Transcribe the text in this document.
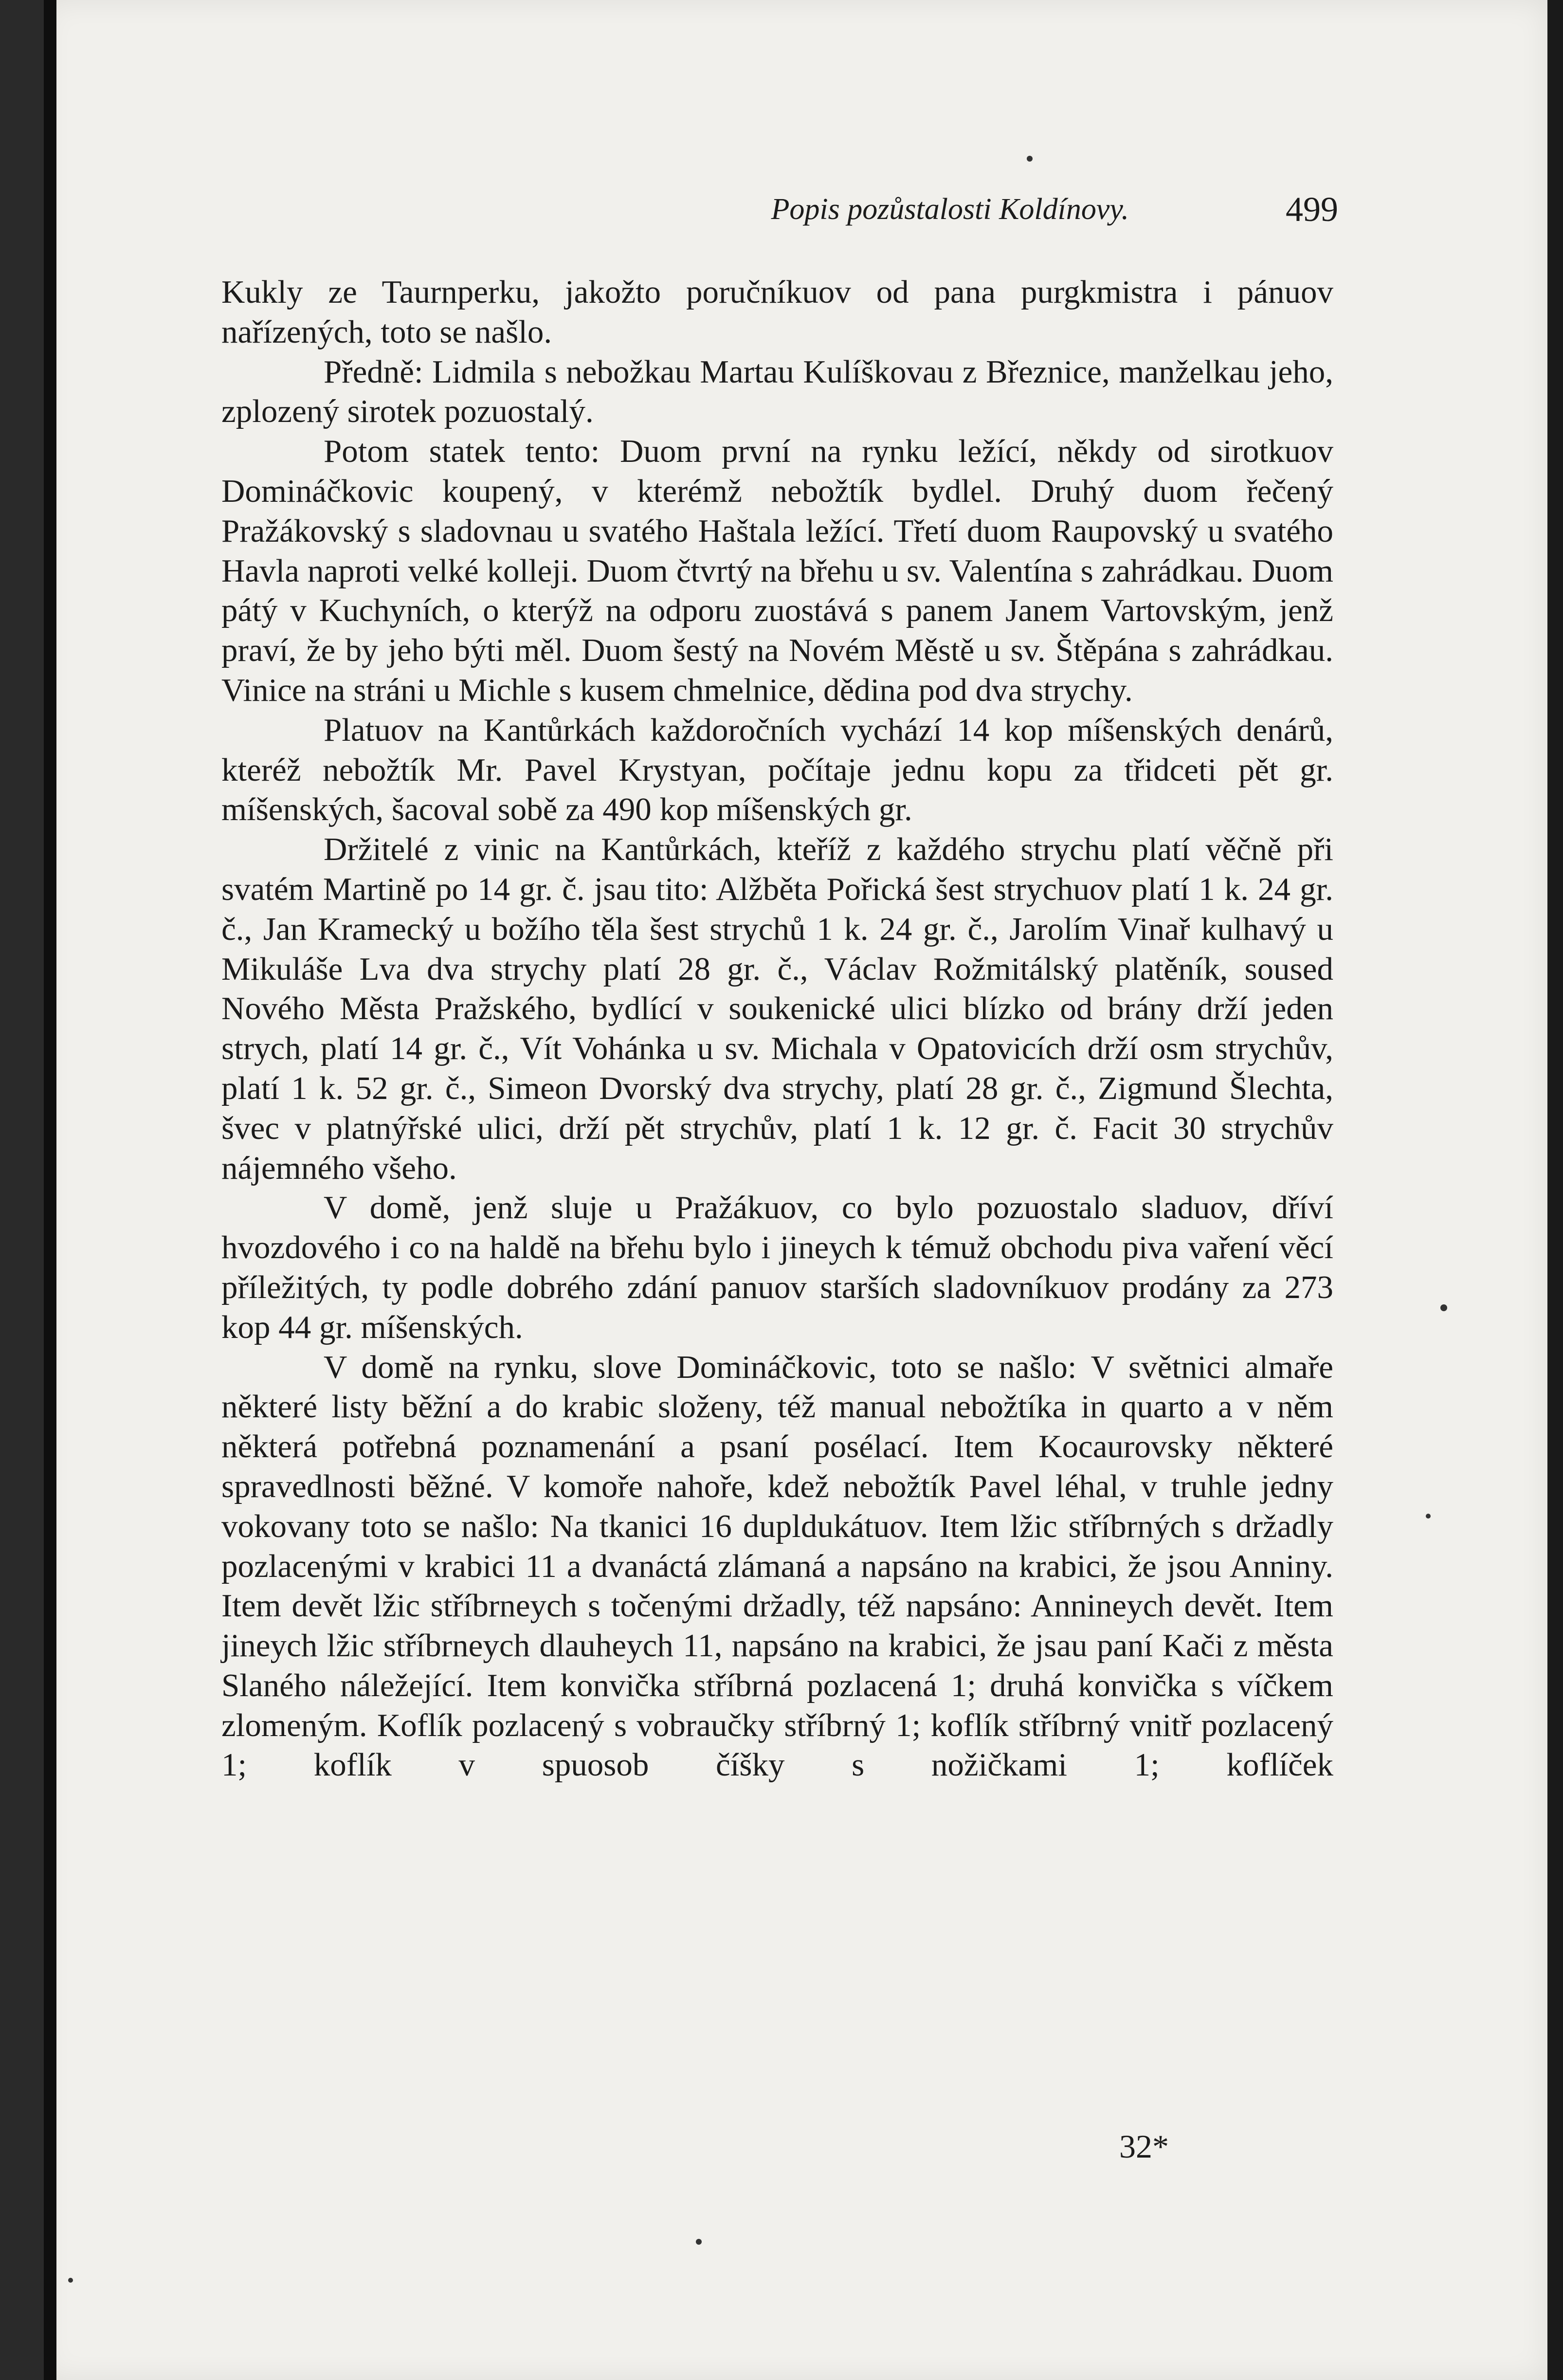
Popis pozůstalosti Koldínovy.	499

Kukly ze Taurnperku, jakožto poručníkuov od pana purgkmistra i pánuov nařízených, toto se našlo.

Předně: Lidmila s nebožkau Martau Kulíškovau z Březnice, manželkau jeho, zplozený sirotek pozuostalý.

Potom statek tento: Duom první na rynku ležící, někdy od sirotkuov Domináčkovic koupený, v kterémž nebožtík bydlel. Druhý duom řečený Pražákovský s sladovnau u svatého Haštala ležící. Třetí duom Raupovský u svatého Havla naproti velké kolleji. Duom čtvrtý na břehu u sv. Valentína s zahrádkau. Duom pátý v Kuchyních, o kterýž na odporu zuostává s panem Janem Vartovským, jenž praví, že by jeho býti měl. Duom šestý na Novém Městě u sv. Štěpána s zahrádkau. Vinice na stráni u Michle s kusem chmelnice, dědina pod dva strychy.

Platuov na Kantůrkách každoročních vychází 14 kop míšenských denárů, kteréž nebožtík Mr. Pavel Krystyan, počítaje jednu kopu za třidceti pět gr. míšenských, šacoval sobě za 490 kop míšenských gr.

Držitelé z vinic na Kantůrkách, kteříž z každého strychu platí věčně při svatém Martině po 14 gr. č. jsau tito: Alžběta Pořická šest strychuov platí 1 k. 24 gr. č., Jan Kramecký u božího těla šest strychů 1 k. 24 gr. č., Jarolím Vinař kulhavý u Mikuláše Lva dva strychy platí 28 gr. č., Václav Rožmitálský platěník, soused Nového Města Pražského, bydlící v soukenické ulici blízko od brány drží jeden strych, platí 14 gr. č., Vít Vohánka u sv. Michala v Opatovicích drží osm strychův, platí 1 k. 52 gr. č., Simeon Dvorský dva strychy, platí 28 gr. č., Zigmund Šlechta, švec v platnýřské ulici, drží pět strychův, platí 1 k. 12 gr. č. Facit 30 strychův nájemného všeho.

V domě, jenž sluje u Pražákuov, co bylo pozuostalo sladuov, dříví hvozdového i co na haldě na břehu bylo i jineych k témuž obchodu piva vaření věcí příležitých, ty podle dobrého zdání panuov starších sladovníkuov prodány za 273 kop 44 gr. míšenských.

V domě na rynku, slove Domináčkovic, toto se našlo: V světnici almaře některé listy běžní a do krabic složeny, též manual nebožtíka in quarto a v něm některá potřebná poznamenání a psaní posélací. Item Kocaurovsky některé spravedlnosti běžné. V komoře nahoře, kdež nebožtík Pavel léhal, v truhle jedny vokovany toto se našlo: Na tkanici 16 dupldukátuov. Item lžic stříbrných s držadly pozlacenými v krabici 11 a dvanáctá zlámaná a napsáno na krabici, že jsou Anniny. Item devět lžic stříbrneych s točenými držadly, též napsáno: Annineych devět. Item jineych lžic stříbrneych dlauheych 11, napsáno na krabici, že jsau paní Kači z města Slaného náležející. Item konvička stříbrná pozlacená 1; druhá konvička s víčkem zlomeným. Koflík pozlacený s vobraučky stříbrný 1; koflík stříbrný vnitř pozlacený 1; koflík v spuosob číšky s nožičkami 1; koflíček

32*
